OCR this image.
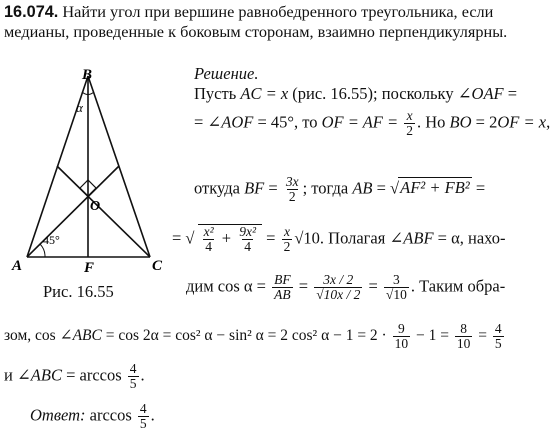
16.074. Найти угол при вершине равнобедренного треугольника, если медианы, проведенные к боковым сторонам, взаимно перпендикулярны.
B
A	C
F
O
α
45°
Рис. 16.55
Решение.
Пусть AC = x (рис. 16.55); поскольку ∠OAF =
= ∠AOF = 45°, то OF = AF = $\frac{x}{2}$ . Но BO = 2OF = x,
откуда BF = $\frac{3x}{2}$ ; тогда AB = √AF² + FB² =
= √ $\frac{\text{x²}}{4} + \frac{\text{9x²}}{4} = \frac{x}{2} √10$. Полагая ∠ABF = α, нахо-
дим $\cos \alpha = \frac{BF}{AB} = \frac{3x / 2}{√10x / 2} = \frac{3}{√10}$ . Таким обра-
зом, cos ∠ABC = cos 2α = cos² α − sin² α = 2 cos² $\alpha - 1 = 2 \cdot \frac{9}{10} - 1 = \frac{8}{10} = \frac{4}{5}$
и ∠ABC = $\arccos \frac{4}{5}$ .
Ответ: $\arccos \frac{4}{5}$ .
